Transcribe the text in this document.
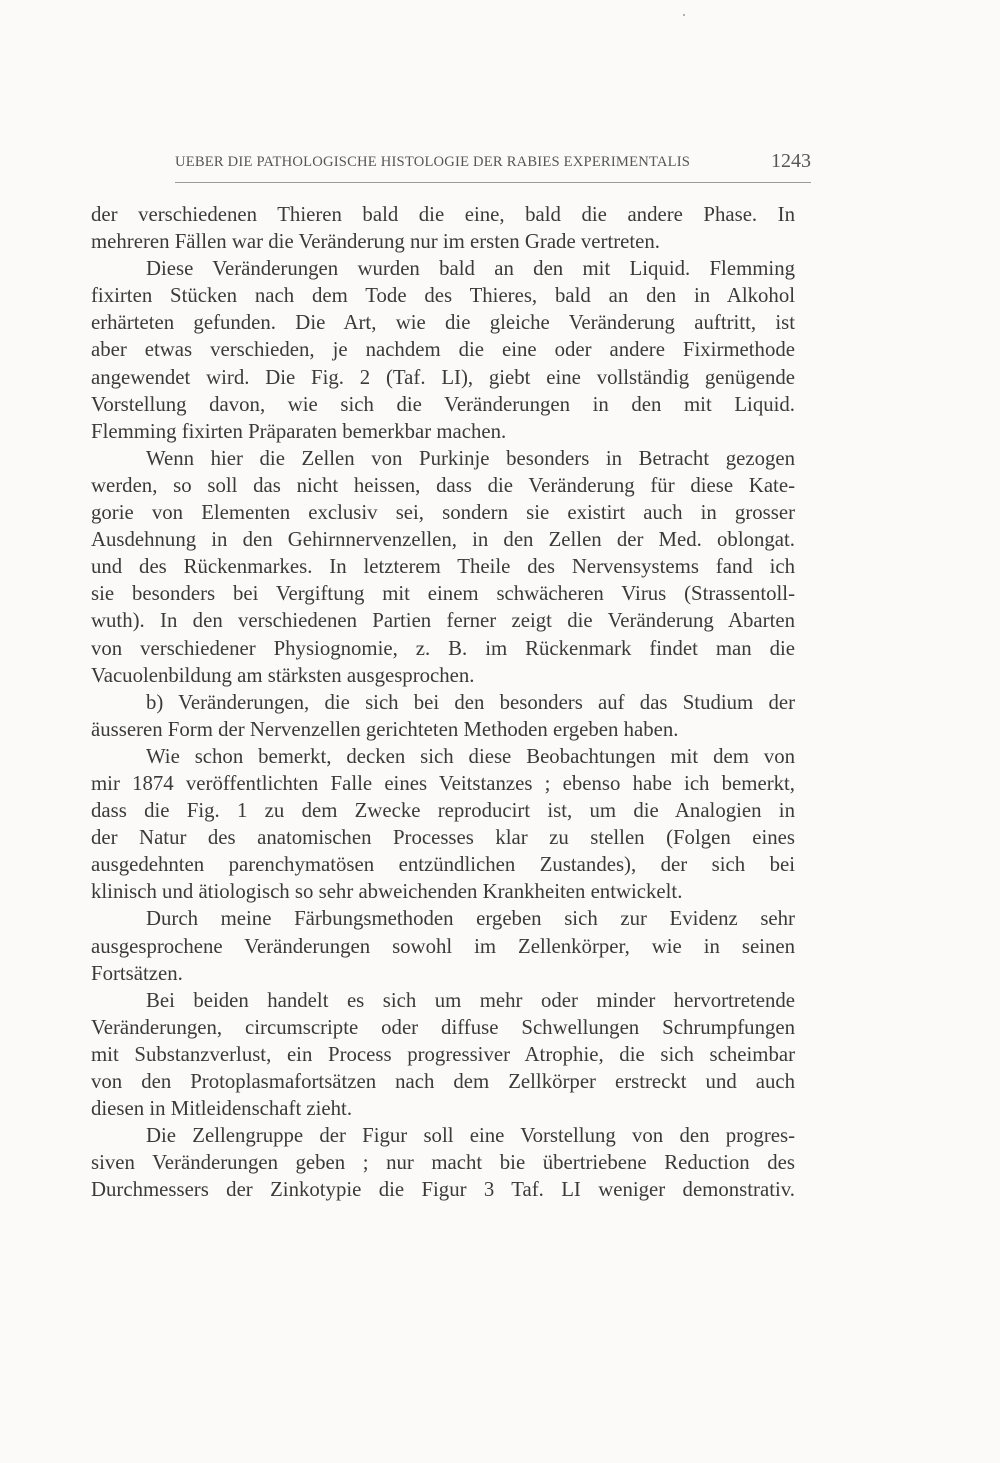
UEBER DIE PATHOLOGISCHE HISTOLOGIE DER RABIES EXPERIMENTALIS	1243
der verschiedenen Thieren bald die eine, bald die andere Phase. In
mehreren Fällen war die Veränderung nur im ersten Grade vertreten.
Diese Veränderungen wurden bald an den mit Liquid. Flemming
fixirten Stücken nach dem Tode des Thieres, bald an den in Alkohol
erhärteten gefunden. Die Art, wie die gleiche Veränderung auftritt, ist
aber etwas verschieden, je nachdem die eine oder andere Fixirmethode
angewendet wird. Die Fig. 2 (Taf. LI), giebt eine vollständig genügende
Vorstellung davon, wie sich die Veränderungen in den mit Liquid.
Flemming fixirten Präparaten bemerkbar machen.
Wenn hier die Zellen von Purkinje besonders in Betracht gezogen
werden, so soll das nicht heissen, dass die Veränderung für diese Kate-
gorie von Elementen exclusiv sei, sondern sie existirt auch in grosser
Ausdehnung in den Gehirnnervenzellen, in den Zellen der Med. oblongat.
und des Rückenmarkes. In letzterem Theile des Nervensystems fand ich
sie besonders bei Vergiftung mit einem schwächeren Virus (Strassentoll-
wuth). In den verschiedenen Partien ferner zeigt die Veränderung Abarten
von verschiedener Physiognomie, z. B. im Rückenmark findet man die
Vacuolenbildung am stärksten ausgesprochen.
b) Veränderungen, die sich bei den besonders auf das Studium der
äusseren Form der Nervenzellen gerichteten Methoden ergeben haben.
Wie schon bemerkt, decken sich diese Beobachtungen mit dem von
mir 1874 veröffentlichten Falle eines Veitstanzes ; ebenso habe ich bemerkt,
dass die Fig. 1 zu dem Zwecke reproducirt ist, um die Analogien in
der Natur des anatomischen Processes klar zu stellen (Folgen eines
ausgedehnten parenchymatösen entzündlichen Zustandes), der sich bei
klinisch und ätiologisch so sehr abweichenden Krankheiten entwickelt.
Durch meine Färbungsmethoden ergeben sich zur Evidenz sehr
ausgesprochene Veränderungen sowohl im Zellenkörper, wie in seinen
Fortsätzen.
Bei beiden handelt es sich um mehr oder minder hervortretende
Veränderungen, circumscripte oder diffuse Schwellungen Schrumpfungen
mit Substanzverlust, ein Process progressiver Atrophie, die sich scheimbar
von den Protoplasmafortsätzen nach dem Zellkörper erstreckt und auch
diesen in Mitleidenschaft zieht.
Die Zellengruppe der Figur soll eine Vorstellung von den progres-
siven Veränderungen geben ; nur macht bie übertriebene Reduction des
Durchmessers der Zinkotypie die Figur 3 Taf. LI weniger demonstrativ.
